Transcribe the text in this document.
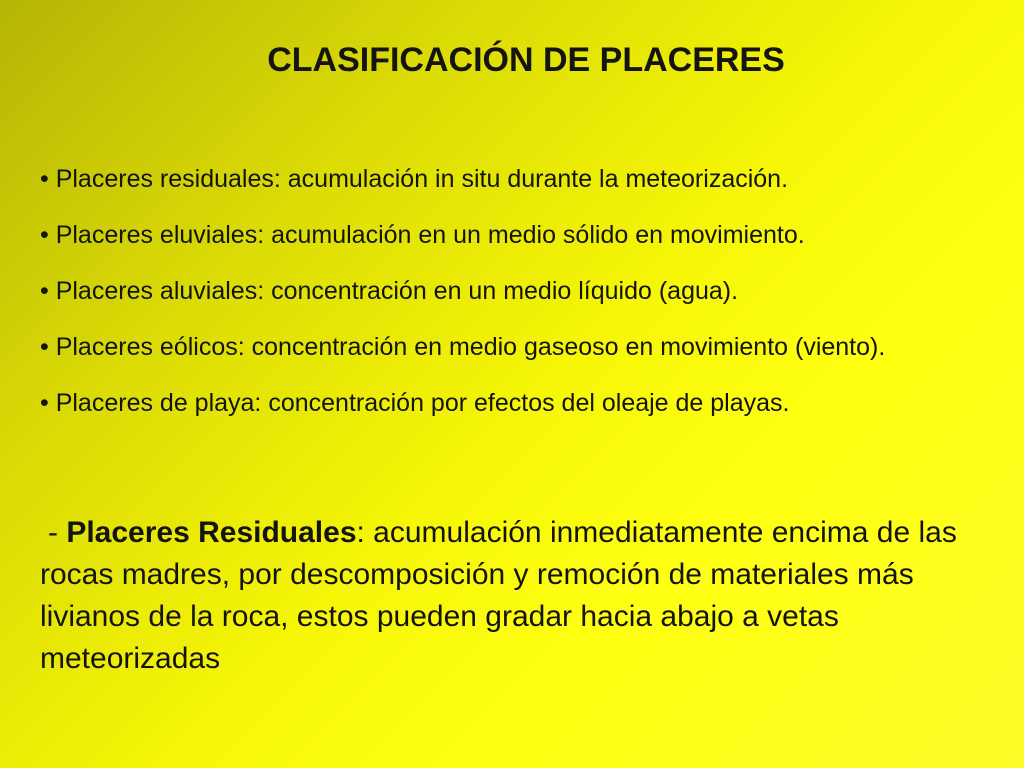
CLASIFICACIÓN DE PLACERES
• Placeres residuales: acumulación in situ durante la meteorización.
• Placeres eluviales: acumulación en un medio sólido en movimiento.
• Placeres aluviales: concentración en un medio líquido (agua).
• Placeres eólicos: concentración en medio gaseoso en movimiento (viento).
• Placeres de playa: concentración por efectos del oleaje de playas.

- Placeres Residuales: acumulación inmediatamente encima de las rocas madres, por descomposición y remoción de materiales más livianos de la roca, estos pueden gradar hacia abajo a vetas meteorizadas
